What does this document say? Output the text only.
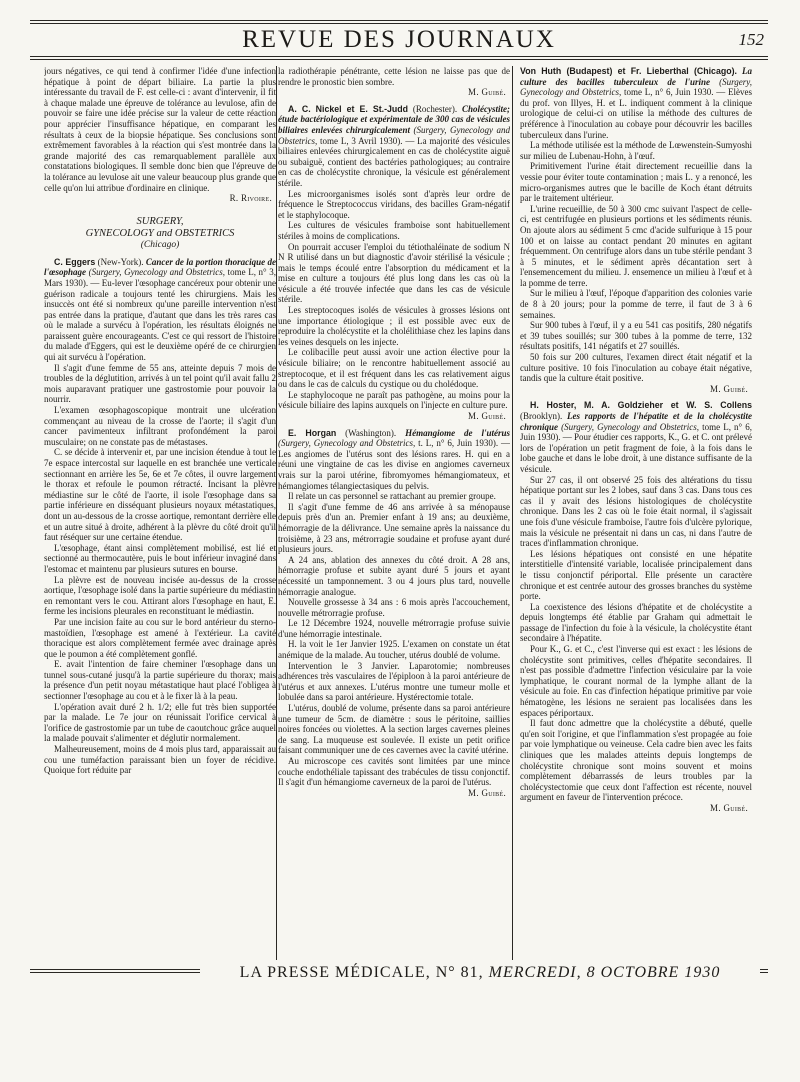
REVUE DES JOURNAUX	152

jours négatives, ce qui tend à confirmer l'idée d'une infection hépatique à point de départ biliaire. La partie la plus intéressante du travail de F. est celle-ci : avant d'intervenir, il fit à chaque malade une épreuve de tolérance au levulose, afin de pouvoir se faire une idée précise sur la valeur de cette réaction pour apprécier l'insuffisance hépatique, en comparant les résultats à ceux de la biopsie hépatique. Ses conclusions sont extrêmement favorables à la réaction qui s'est montrée dans la grande majorité des cas remarquablement parallèle aux constatations biologiques. Il semble donc bien que l'épreuve de la tolérance au levulose ait une valeur beaucoup plus grande que celle qu'on lui attribue d'ordinaire en clinique.

R. Rivoire.
SURGERY,
GYNECOLOGY and OBSTETRICS
(Chicago)

C. Eggers (New-York). Cancer de la portion thoracique de l'œsophage (Surgery, Gynecology and Obstetrics, tome L, n° 3, Mars 1930). — Eu-lever l'œsophage cancéreux pour obtenir une guérison radicale a toujours tenté les chirurgiens. Mais les insuccès ont été si nombreux qu'une pareille intervention n'est pas entrée dans la pratique, d'autant que dans les très rares cas où le malade a survécu à l'opération, les résultats éloignés ne paraissent guère encourageants. C'est ce qui ressort de l'histoire du malade d'Eggers, qui est le deuxième opéré de ce chirurgien qui ait survécu à l'opération.

Il s'agit d'une femme de 55 ans, atteinte depuis 7 mois de troubles de la déglutition, arrivés à un tel point qu'il avait fallu 2 mois auparavant pratiquer une gastrostomie pour pouvoir la nourrir.

L'examen œsophagoscopique montrait une ulcération commençant au niveau de la crosse de l'aorte; il s'agit d'un cancer pavimenteux infiltrant profondément la paroi musculaire; on ne constate pas de métastases.

C. se décide à intervenir et, par une incision étendue à tout le 7e espace intercostal sur laquelle en est branchée une verticale sectionnant en arrière les 5e, 6e et 7e côtes, il ouvre largement le thorax et refoule le poumon rétracté. Incisant la plèvre médiastine sur le côté de l'aorte, il isole l'œsophage dans sa partie inférieure en disséquant plusieurs noyaux métastatiques, dont un au-dessous de la crosse aortique, remontant derrière elle et un autre situé à droite, adhérent à la plèvre du côté droit qu'il faut réséquer sur une certaine étendue.

L'œsophage, étant ainsi complètement mobilisé, est lié et sectionné au thermocautère, puis le bout inférieur invaginé dans l'estomac et maintenu par plusieurs sutures en bourse.

La plèvre est de nouveau incisée au-dessus de la crosse aortique, l'œsophage isolé dans la partie supérieure du médiastin en remontant vers le cou. Attirant alors l'œsophage en haut, E. ferme les incisions pleurales en reconstituant le médiastin.

Par une incision faite au cou sur le bord antérieur du sterno-mastoïdien, l'œsophage est amené à l'extérieur. La cavité thoracique est alors complètement fermée avec drainage après que le poumon a été complètement gonflé.

E. avait l'intention de faire cheminer l'œsophage dans un tunnel sous-cutané jusqu'à la partie supérieure du thorax; mais la présence d'un petit noyau métastatique haut placé l'obligea à sectionner l'œsophage au cou et à le fixer là à la peau.

L'opération avait duré 2 h. 1/2; elle fut très bien supportée par la malade. Le 7e jour on réunissait l'orifice cervical à l'orifice de gastrostomie par un tube de caoutchouc grâce auquel la malade pouvait s'alimenter et déglutir normalement.

Malheureusement, moins de 4 mois plus tard, apparaissait au cou une tuméfaction paraissant bien un foyer de récidive. Quoique fort réduite par

la radiothérapie pénétrante, cette lésion ne laisse pas que de rendre le pronostic bien sombre.

M. Guibé.

A. C. Nickel et E. St.-Judd (Rochester). Cholécystite; étude bactériologique et expérimentale de 300 cas de vésicules biliaires enlevées chirurgicalement (Surgery, Gynecology and Obstetrics, tome L, 3 Avril 1930). — La majorité des vésicules biliaires enlevées chirurgicalement en cas de cholécystite aiguë ou subaiguë, contient des bactéries pathologiques; au contraire en cas de cholécystite chronique, la vésicule est généralement stérile.

Les microorganismes isolés sont d'après leur ordre de fréquence le Streptococcus viridans, des bacilles Gram-négatif et le staphylocoque.

Les cultures de vésicules framboise sont habituellement stériles à moins de complications.

On pourrait accuser l'emploi du tétiothaléinate de sodium N N R utilisé dans un but diagnostic d'avoir stérilisé la vésicule ; mais le temps écoulé entre l'absorption du médicament et la mise en culture a toujours été plus long dans les cas où la vésicule a été trouvée infectée que dans les cas de vésicule stérile.

Les streptocoques isolés de vésicules à grosses lésions ont une importance étiologique ; il est possible avec eux de reproduire la cholécystite et la cholélithiase chez les lapins dans les veines desquels on les injecte.

Le colibacille peut aussi avoir une action élective pour la vésicule biliaire; on le rencontre habituellement associé au streptocoque, et il est fréquent dans les cas relativement aigus ou dans le cas de calculs du cystique ou du cholédoque.

Le staphylocoque ne paraît pas pathogène, au moins pour la vésicule biliaire des lapins auxquels on l'injecte en culture pure.

M. Guibé.

E. Horgan (Washington). Hémangiome de l'utérus (Surgery, Gynecology and Obstetrics, t. L, n° 6, Juin 1930). — Les angiomes de l'utérus sont des lésions rares. H. qui en a réuni une vingtaine de cas les divise en angiomes caverneux vrais sur la paroi utérine, fibromyomes hémangiomateux, et hémangiomes télangiectasiques du pelvis.

Il relate un cas personnel se rattachant au premier groupe.

Il s'agit d'une femme de 46 ans arrivée à sa ménopause depuis près d'un an. Premier enfant à 19 ans; au deuxième, hémorragie de la délivrance. Une semaine après la naissance du troisième, à 23 ans, métrorragie soudaine et profuse ayant duré plusieurs jours.

A 24 ans, ablation des annexes du côté droit. A 28 ans, hémorragie profuse et subite ayant duré 5 jours et ayant nécessité un tamponnement. 3 ou 4 jours plus tard, nouvelle hémorragie analogue.

Nouvelle grossesse à 34 ans : 6 mois après l'accouchement, nouvelle métrorragie profuse.

Le 12 Décembre 1924, nouvelle métrorragie profuse suivie d'une hémorragie intestinale.

H. la voit le 1er Janvier 1925. L'examen on constate un état anémique de la malade. Au toucher, utérus doublé de volume.

Intervention le 3 Janvier. Laparotomie; nombreuses adhérences très vasculaires de l'épiploon à la paroi antérieure de l'utérus et aux annexes. L'utérus montre une tumeur molle et lobulée dans sa paroi antérieure. Hystérectomie totale.

L'utérus, doublé de volume, présente dans sa paroi antérieure une tumeur de 5cm. de diamètre : sous le péritoine, saillies noires foncées ou violettes. A la section larges cavernes pleines de sang. La muqueuse est soulevée. Il existe un petit orifice faisant communiquer une de ces cavernes avec la cavité utérine.

Au microscope ces cavités sont limitées par une mince couche endothéliale tapissant des trabécules de tissu conjonctif. Il s'agit d'un hémangiome caverneux de la paroi de l'utérus.

M. Guibé.

Von Huth (Budapest) et Fr. Lieberthal (Chicago). La culture des bacilles tuberculeux de l'urine (Surgery, Gynecology and Obstetrics, tome L, n° 6, Juin 1930. — Elèves du prof. von Illyes, H. et L. indiquent comment à la clinique urologique de celui-ci on utilise la méthode des cultures de préférence à l'inoculation au cobaye pour découvrir les bacilles tuberculeux dans l'urine.

La méthode utilisée est la méthode de Lœwenstein-Sumyoshi sur milieu de Lubenau-Hohn, à l'œuf.

Primitivement l'urine était directement recueillie dans la vessie pour éviter toute contamination ; mais L. y a renoncé, les micro-organismes autres que le bacille de Koch étant détruits par le traitement ultérieur.

L'urine recueillie, de 50 à 300 cmc suivant l'aspect de celle-ci, est centrifugée en plusieurs portions et les sédiments réunis. On ajoute alors au sédiment 5 cmc d'acide sulfurique à 15 pour 100 et on laisse au contact pendant 20 minutes en agitant fréquemment. On centrifuge alors dans un tube stérile pendant 3 à 5 minutes, et le sédiment après décantation sert à l'ensemencement du milieu. J. ensemence un milieu à l'œuf et à la pomme de terre.

Sur le milieu à l'œuf, l'époque d'apparition des colonies varie de 8 à 20 jours; pour la pomme de terre, il faut de 3 à 6 semaines.

Sur 900 tubes à l'œuf, il y a eu 541 cas positifs, 280 négatifs et 39 tubes souillés; sur 300 tubes à la pomme de terre, 132 résultats positifs, 141 négatifs et 27 souillés.

50 fois sur 200 cultures, l'examen direct était négatif et la culture positive. 10 fois l'inoculation au cobaye était négative, tandis que la culture était positive.

M. Guibé.

H. Hoster, M. A. Goldzieher et W. S. Collens (Brooklyn). Les rapports de l'hépatite et de la cholécystite chronique (Surgery, Gynecology and Obstetrics, tome L, n° 6, Juin 1930). — Pour étudier ces rapports, K., G. et C. ont prélevé lors de l'opération un petit fragment de foie, à la fois dans le lobe gauche et dans le lobe droit, à une distance suffisante de la vésicule.

Sur 27 cas, il ont observé 25 fois des altérations du tissu hépatique portant sur les 2 lobes, sauf dans 3 cas. Dans tous ces cas il y avait des lésions histologiques de cholécystite chronique. Dans les 2 cas où le foie était normal, il s'agissait une fois d'une vésicule framboise, l'autre fois d'ulcère pylorique, mais la vésicule ne présentait ni dans un cas, ni dans l'autre de traces d'inflammation chronique.

Les lésions hépatiques ont consisté en une hépatite interstitielle d'intensité variable, localisée principalement dans le tissu conjonctif périportal. Elle présente un caractère chronique et est centrée autour des grosses branches du système porte.

La coexistence des lésions d'hépatite et de cholécystite a depuis longtemps été établie par Graham qui admettait le passage de l'infection du foie à la vésicule, la cholécystite étant secondaire à l'hépatite.

Pour K., G. et C., c'est l'inverse qui est exact : les lésions de cholécystite sont primitives, celles d'hépatite secondaires. Il n'est pas possible d'admettre l'infection vésiculaire par la voie lymphatique, le courant normal de la lymphe allant de la vésicule au foie. En cas d'infection hépatique primitive par voie hématogène, les lésions ne seraient pas localisées dans les espaces périportaux.

Il faut donc admettre que la cholécystite a débuté, quelle qu'en soit l'origine, et que l'inflammation s'est propagée au foie par voie lymphatique ou veineuse. Cela cadre bien avec les faits cliniques que les malades atteints depuis longtemps de cholécystite chronique sont moins souvent et moins complètement débarrassés de leurs troubles par la cholécystectomie que ceux dont l'affection est récente, nouvel argument en faveur de l'intervention précoce.

M. Guibé.
LA PRESSE MÉDICALE, N° 81, MERCREDI, 8 OCTOBRE 1930
